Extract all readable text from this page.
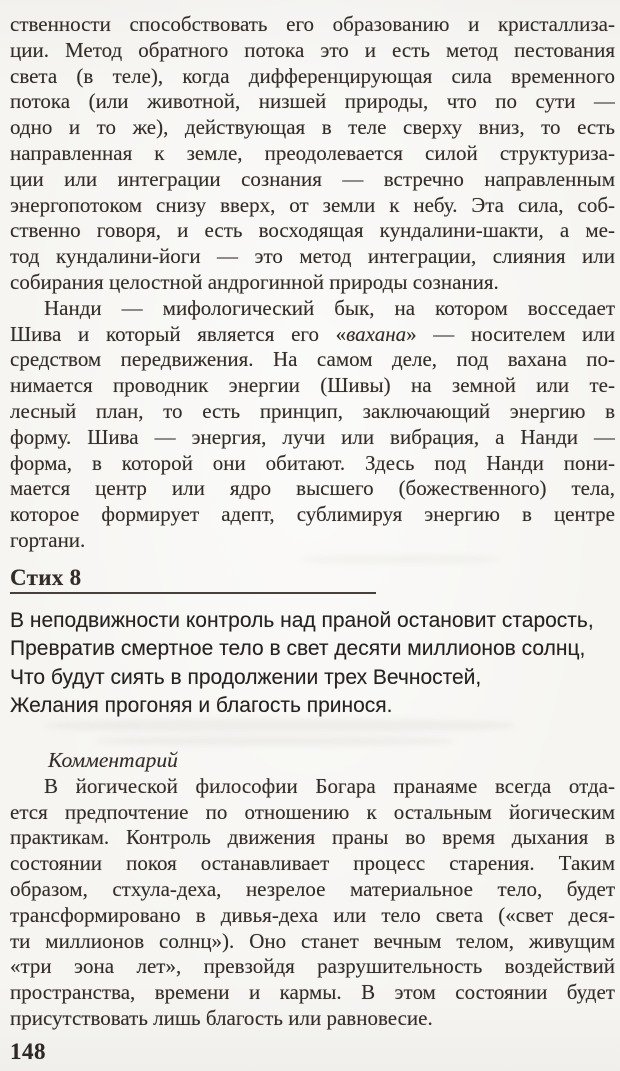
ственности способствовать его образованию и кристаллиза-
ции. Метод обратного потока это и есть метод пестования
света (в теле), когда дифференцирующая сила временного
потока (или животной, низшей природы, что по сути —
одно и то же), действующая в теле сверху вниз, то есть
направленная к земле, преодолевается силой структуриза-
ции или интеграции сознания — встречно направленным
энергопотоком снизу вверх, от земли к небу. Эта сила, соб-
ственно говоря, и есть восходящая кундалини-шакти, а ме-
тод кундалини-йоги — это метод интеграции, слияния или
собирания целостной андрогинной природы сознания.
Нанди — мифологический бык, на котором восседает
Шива и который является его «вахана» — носителем или
средством передвижения. На самом деле, под вахана по-
нимается проводник энергии (Шивы) на земной или те-
лесный план, то есть принцип, заключающий энергию в
форму. Шива — энергия, лучи или вибрация, а Нанди —
форма, в которой они обитают. Здесь под Нанди пони-
мается центр или ядро высшего (божественного) тела,
которое формирует адепт, сублимируя энергию в центре
гортани.
Стих 8
В неподвижности контроль над праной остановит старость,
Превратив смертное тело в свет десяти миллионов солнц,
Что будут сиять в продолжении трех Вечностей,
Желания прогоняя и благость принося.
Комментарий
В йогической философии Богара пранаяме всегда отда-
ется предпочтение по отношению к остальным йогическим
практикам. Контроль движения праны во время дыхания в
состоянии покоя останавливает процесс старения. Таким
образом, стхула-деха, незрелое материальное тело, будет
трансформировано в дивья-деха или тело света («свет деся-
ти миллионов солнц»). Оно станет вечным телом, живущим
«три эона лет», превзойдя разрушительность воздействий
пространства, времени и кармы. В этом состоянии будет
присутствовать лишь благость или равновесие.
148
